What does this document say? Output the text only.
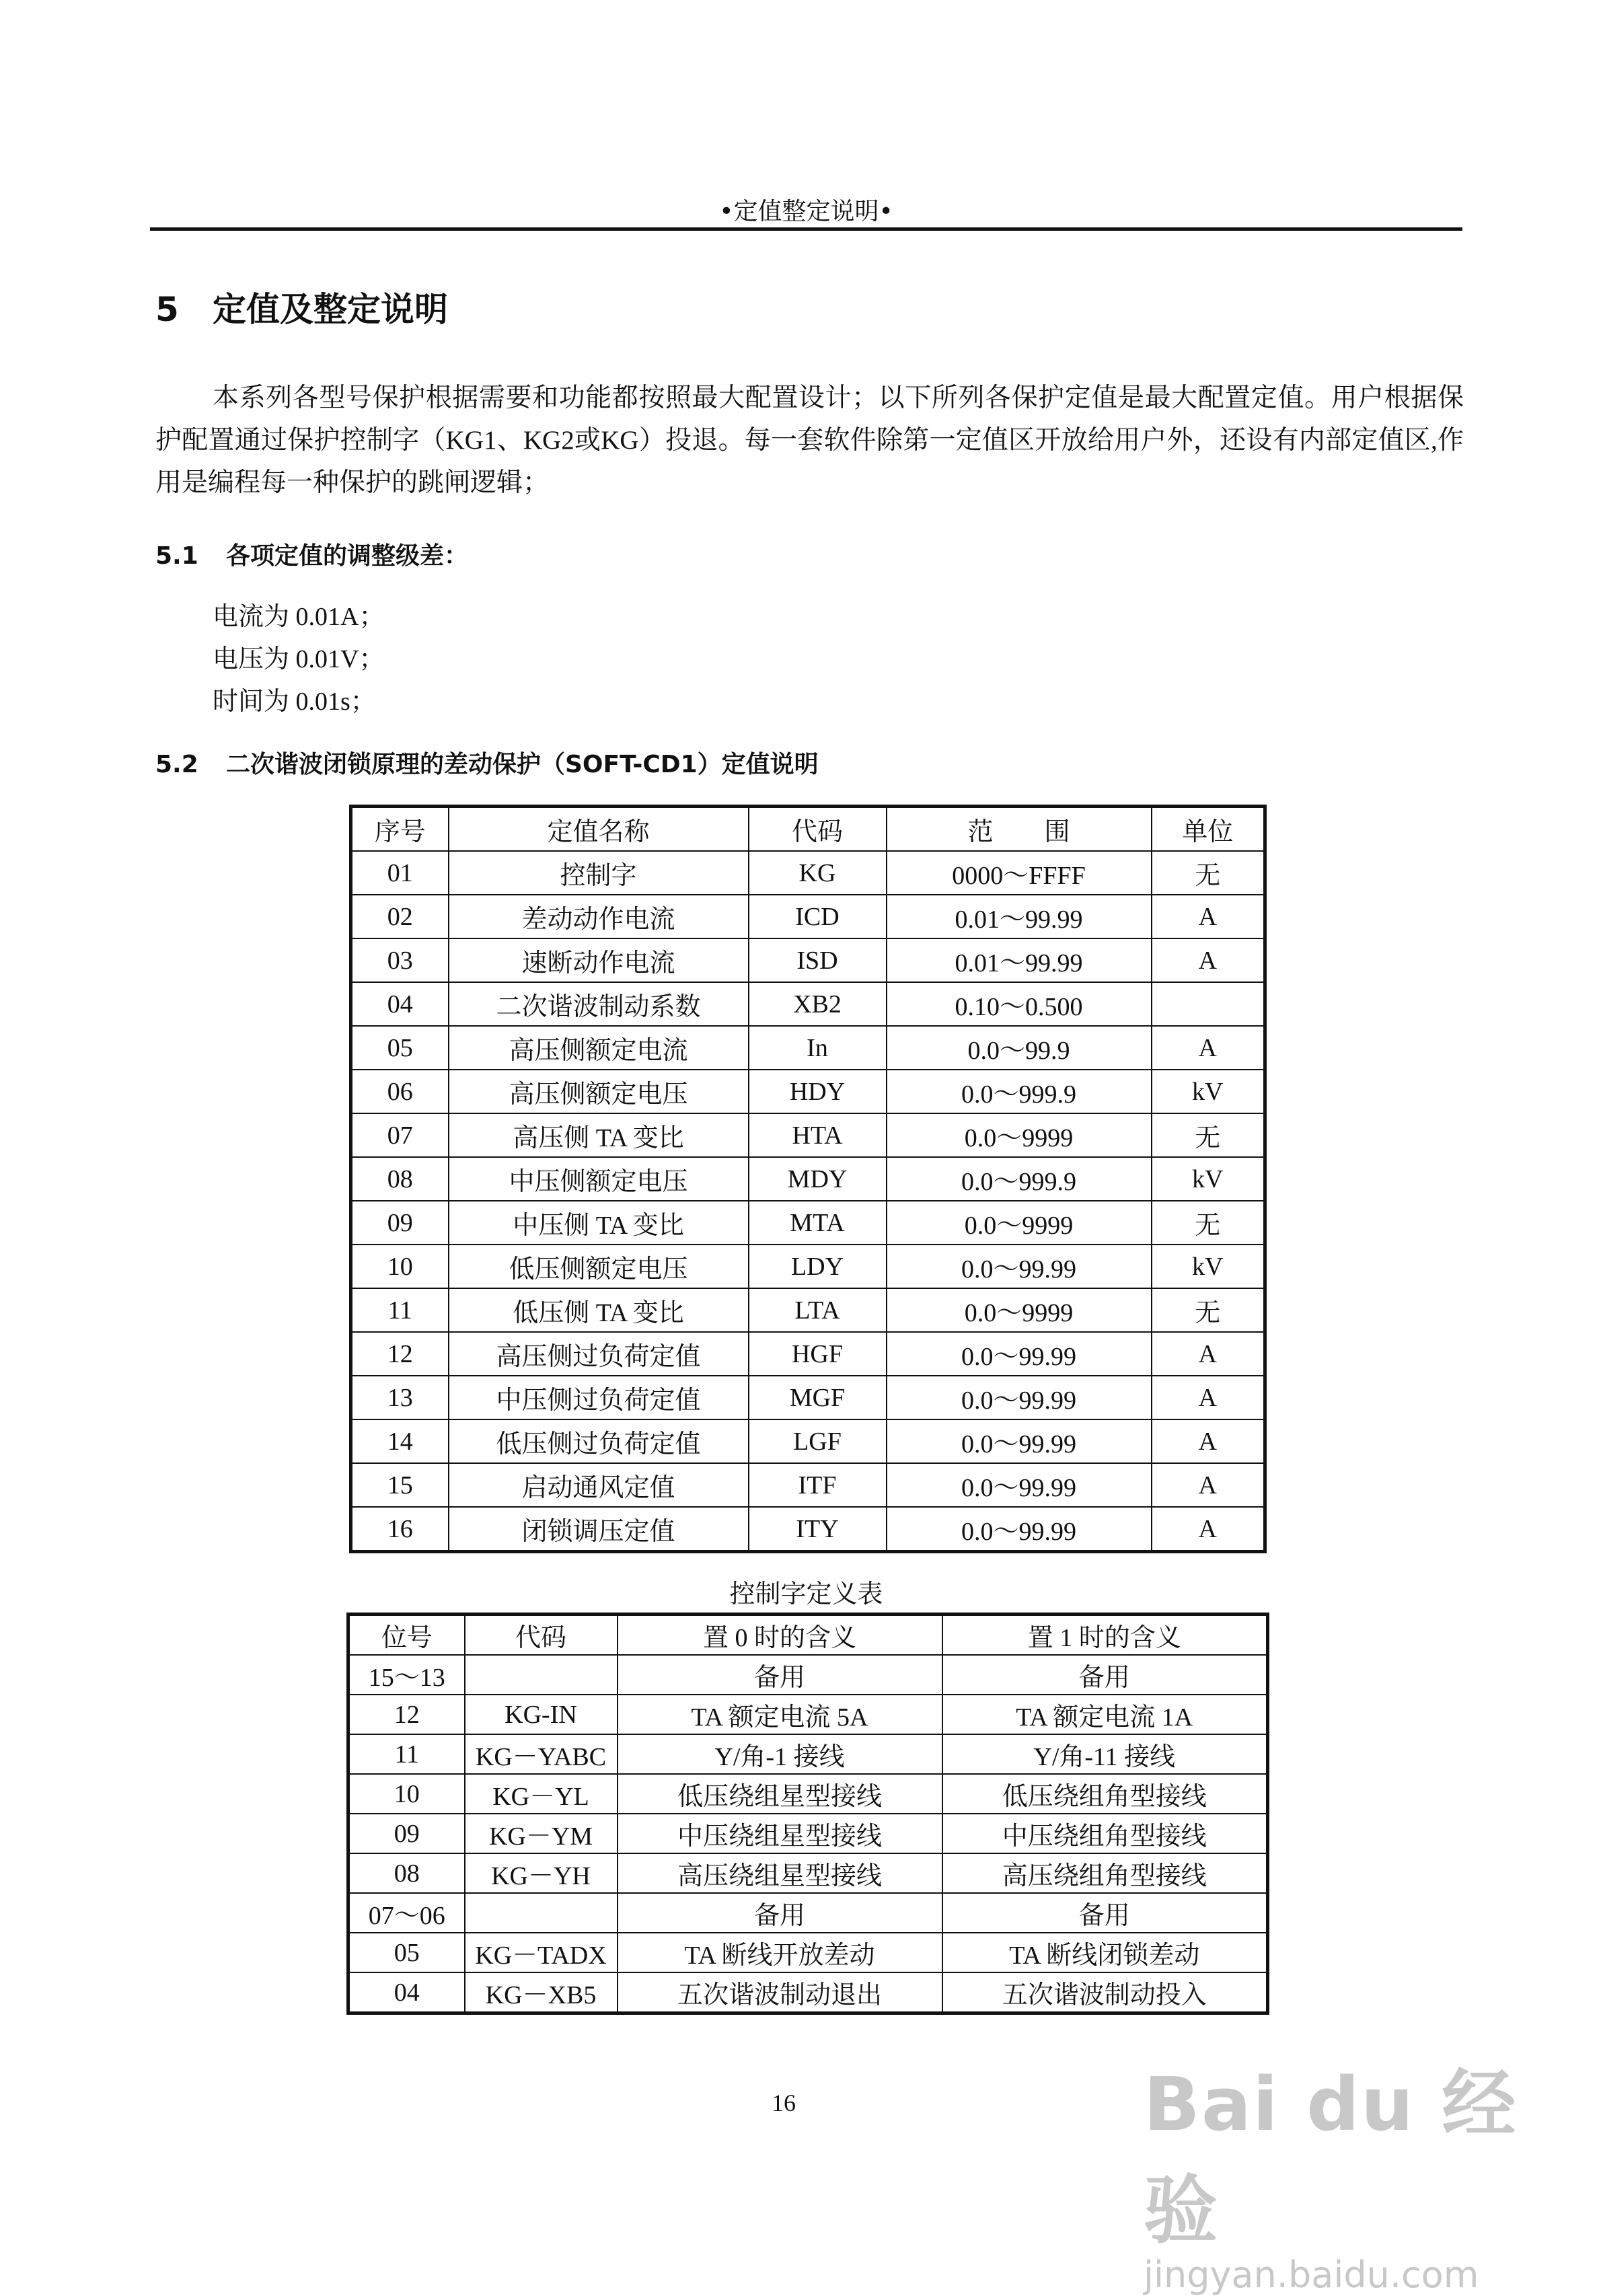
•定值整定说明•
5 定值及整定说明
本系列各型号保护根据需要和功能都按照最大配置设计；以下所列各保护定值是最大配置定值。用户根据保护配置通过保护控制字（KG1、KG2或KG）投退。每一套软件除第一定值区开放给用户外，还设有内部定值区,作用是编程每一种保护的跳闸逻辑；
5.1 各项定值的调整级差：
电流为 0.01A；
电压为 0.01V；
时间为 0.01s；
5.2 二次谐波闭锁原理的差动保护（SOFT-CD1）定值说明
序号	定值名称	代码	范　　围	单位
01	控制字	KG	0000～FFFF	无
02	差动动作电流	ICD	0.01～99.99	A
03	速断动作电流	ISD	0.01～99.99	A
04	二次谐波制动系数	XB2	0.10～0.500	
05	高压侧额定电流	In	0.0～99.9	A
06	高压侧额定电压	HDY	0.0～999.9	kV
07	高压侧 TA 变比	HTA	0.0～9999	无
08	中压侧额定电压	MDY	0.0～999.9	kV
09	中压侧 TA 变比	MTA	0.0～9999	无
10	低压侧额定电压	LDY	0.0～99.99	kV
11	低压侧 TA 变比	LTA	0.0～9999	无
12	高压侧过负荷定值	HGF	0.0～99.99	A
13	中压侧过负荷定值	MGF	0.0～99.99	A
14	低压侧过负荷定值	LGF	0.0～99.99	A
15	启动通风定值	ITF	0.0～99.99	A
16	闭锁调压定值	ITY	0.0～99.99	A
控制字定义表
位号	代码	置 0 时的含义	置 1 时的含义
15～13		备用	备用
12	KG-IN	TA 额定电流 5A	TA 额定电流 1A
11	KG－YABC	Y/角-1 接线	Y/角-11 接线
10	KG－YL	低压绕组星型接线	低压绕组角型接线
09	KG－YM	中压绕组星型接线	中压绕组角型接线
08	KG－YH	高压绕组星型接线	高压绕组角型接线
07～06		备用	备用
05	KG－TADX	TA 断线开放差动	TA 断线闭锁差动
04	KG－XB5	五次谐波制动退出	五次谐波制动投入
16	Bai du 经验
jingyan.baidu.com
